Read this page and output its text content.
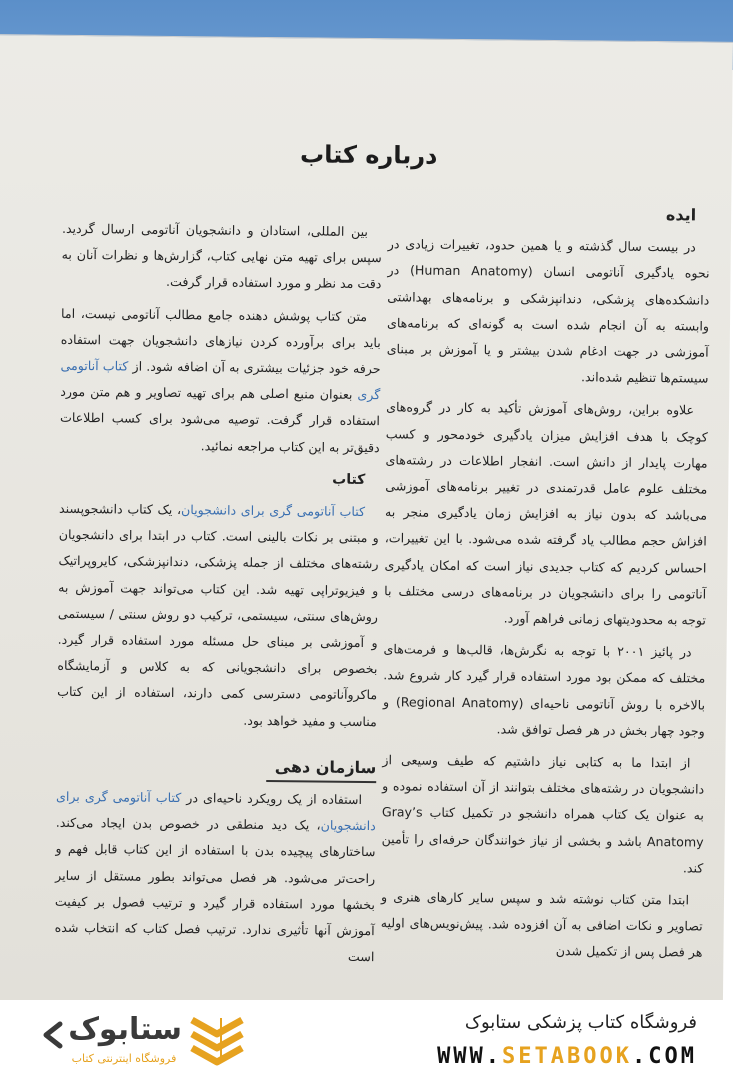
درباره کتاب

ایده

در بیست سال گذشته و یا همین حدود، تغییرات زیادی در نحوه یادگیری آناتومی انسان (Human Anatomy) در دانشکده‌های پزشکی، دندانپزشکی و برنامه‌های بهداشتی وابسته به آن انجام شده است به گونه‌ای که برنامه‌های آموزشی در جهت ادغام شدن بیشتر و یا آموزش بر مبنای سیستم‌ها تنظیم شده‌اند.

علاوه براین، روش‌های آموزش تأکید به کار در گروه‌های کوچک با هدف افزایش میزان یادگیری خودمحور و کسب مهارت پایدار از دانش است. انفجار اطلاعات در رشته‌های مختلف علوم عامل قدرتمندی در تغییر برنامه‌های آموزشی می‌باشد که بدون نیاز به افزایش زمان یادگیری منجر به افزاش حجم مطالب یاد گرفته شده می‌شود. با این تغییرات، احساس کردیم که کتاب جدیدی نیاز است که امکان یادگیری آناتومی را برای دانشجویان در برنامه‌های درسی مختلف با توجه به محدودیتهای زمانی فراهم آورد.

در پائیز ۲۰۰۱ با توجه به نگرش‌ها، قالب‌ها و فرمت‌های مختلف که ممکن بود مورد استفاده قرار گیرد کار شروع شد. بالاخره با روش آناتومی ناحیه‌ای (Regional Anatomy) و وجود چهار بخش در هر فصل توافق شد.

از ابتدا ما به کتابی نیاز داشتیم که طیف وسیعی از دانشجویان در رشته‌های مختلف بتوانند از آن استفاده نموده و به عنوان یک کتاب همراه دانشجو در تکمیل کتاب Gray’s Anatomy باشد و بخشی از نیاز خوانندگان حرفه‌ای را تأمین کند.

ابتدا متن کتاب نوشته شد و سپس سایر کارهای هنری و تصاویر و نکات اضافی به آن افزوده شد. پیش‌نویس‌های اولیه هر فصل پس از تکمیل شدن

بین المللی، استادان و دانشجویان آناتومی ارسال گردید. سپس برای تهیه متن نهایی کتاب، گزارش‌ها و نظرات آنان به دقت مد نظر و مورد استفاده قرار گرفت.

متن کتاب پوشش دهنده جامع مطالب آناتومی نیست، اما باید برای برآورده کردن نیازهای دانشجویان جهت استفاده حرفه خود جزئیات بیشتری به آن اضافه شود. از کتاب آناتومی گری بعنوان منبع اصلی هم برای تهیه تصاویر و هم متن مورد استفاده قرار گرفت. توصیه می‌شود برای کسب اطلاعات دقیق‌تر به این کتاب مراجعه نمائید.

کتاب

کتاب آناتومی گری برای دانشجویان، یک کتاب دانشجوپسند و مبتنی بر نکات بالینی است. کتاب در ابتدا برای دانشجویان رشته‌های مختلف از جمله پزشکی، دندانپزشکی، کایروپراتیک و فیزیوتراپی تهیه شد. این کتاب می‌تواند جهت آموزش به روش‌های سنتی، سیستمی، ترکیب دو روش سنتی / سیستمی و آموزشی بر مبنای حل مسئله مورد استفاده قرار گیرد. بخصوص برای دانشجویانی که به کلاس و آزمایشگاه ماکروآناتومی دسترسی کمی دارند، استفاده از این کتاب مناسب و مفید خواهد بود.

سازمان دهی

استفاده از یک رویکرد ناحیه‌ای در کتاب آناتومی گری برای دانشجویان، یک دید منطقی در خصوص بدن ایجاد می‌کند. ساختارهای پیچیده بدن با استفاده از این کتاب قابل فهم و راحت‌تر می‌شود. هر فصل می‌تواند بطور مستقل از سایر بخشها مورد استفاده قرار گیرد و ترتیب فصول بر کیفیت آموزش آنها تأثیری ندارد. ترتیب فصل کتاب که انتخاب شده است

ستابوک
فروشگاه اینترنتی کتاب
فروشگاه کتاب پزشکی ستابوک
WWW.SETABOOK.COM
